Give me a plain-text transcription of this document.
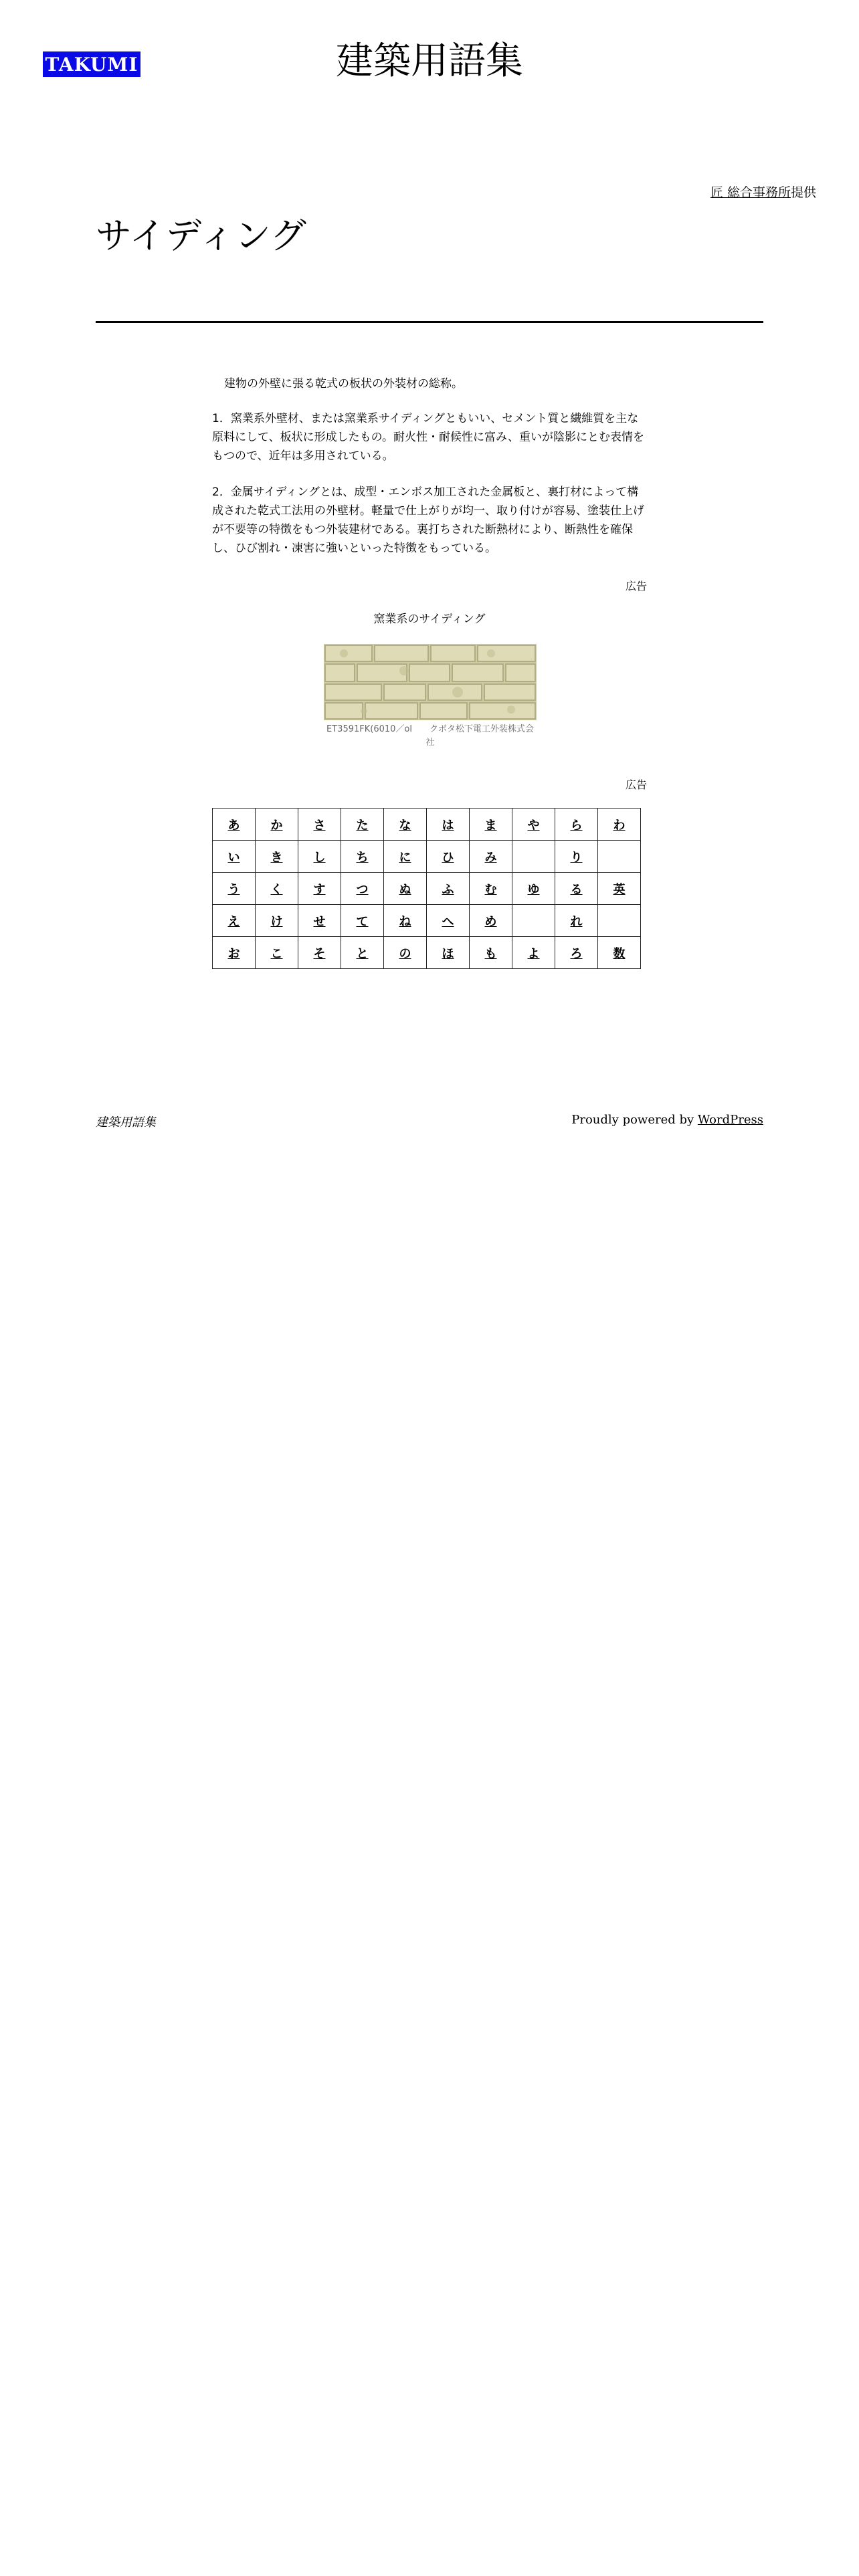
TAKUMI	建築用語集
匠 総合事務所提供
サイディング

建物の外壁に張る乾式の板状の外装材の総称。

1．窯業系外壁材、または窯業系サイディングともいい、セメント質と繊維質を主な原料にして、板状に形成したもの。耐火性・耐候性に富み、重いが陰影にとむ表情をもつので、近年は多用されている。

2．金属サイディングとは、成型・エンボス加工された金属板と、裏打材によって構成された乾式工法用の外壁材。軽量で仕上がりが均一、取り付けが容易、塗装仕上げが不要等の特徴をもつ外装建材である。裏打ちされた断熱材により、断熱性を確保し、ひび割れ・凍害に強いといった特徴をもっている。

広告
窯業系のサイディング
ET3591FK(6010／ol　　クボタ松下電工外装株式会社
広告
あ	か	さ	た	な	は	ま	や	ら	わ
い	き	し	ち	に	ひ	み		り	
う	く	す	つ	ぬ	ふ	む	ゆ	る	英
え	け	せ	て	ね	へ	め		れ	
お	こ	そ	と	の	ほ	も	よ	ろ	数
建築用語集	Proudly powered by WordPress
